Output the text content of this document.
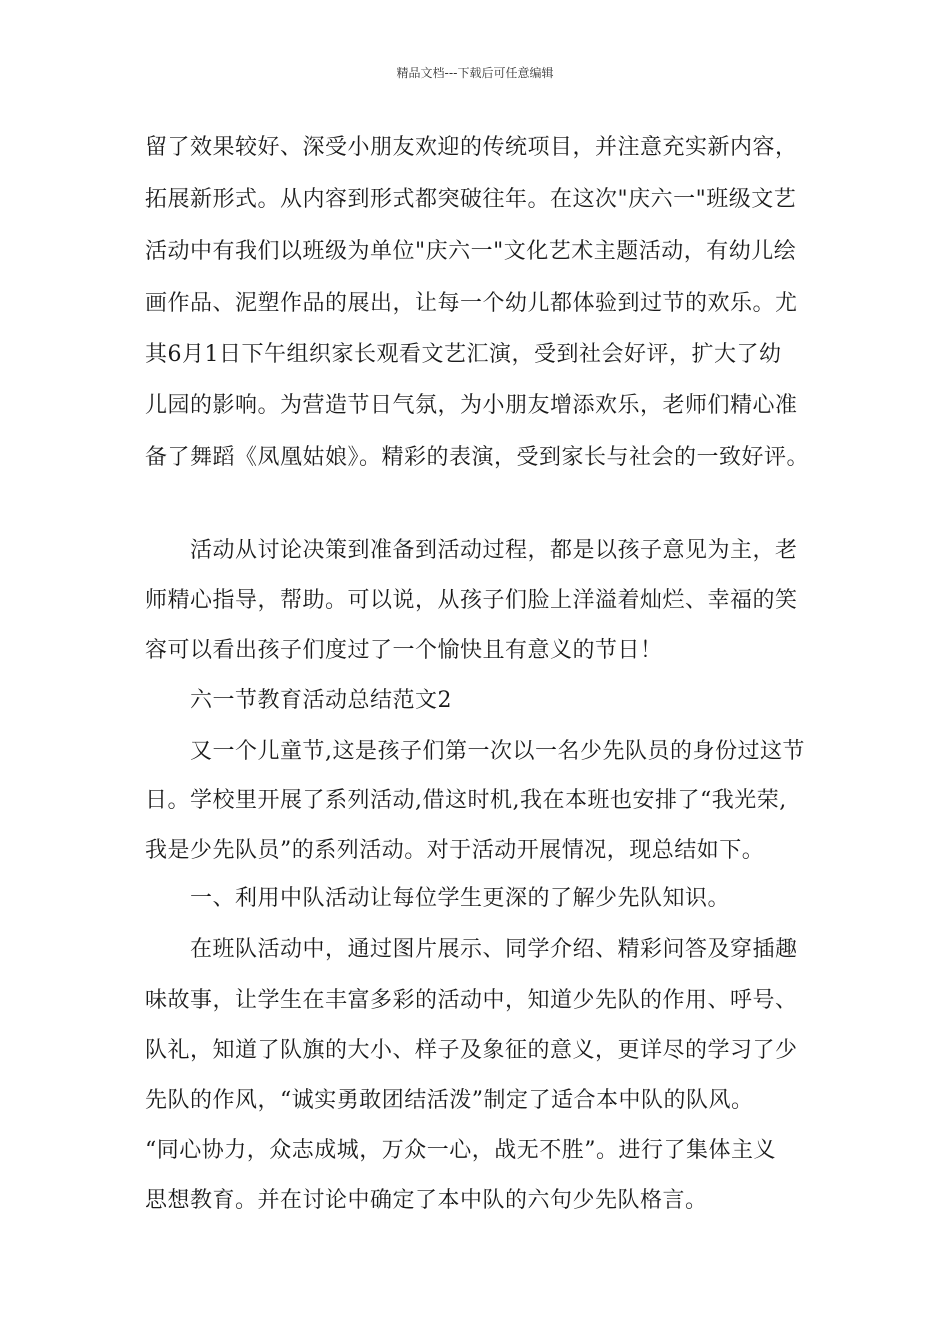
精品文档---下载后可任意编辑
留了效果较好、深受小朋友欢迎的传统项目，并注意充实新内容，
拓展新形式。从内容到形式都突破往年。在这次"庆六一"班级文艺
活动中有我们以班级为单位"庆六一"文化艺术主题活动，有幼儿绘
画作品、泥塑作品的展出，让每一个幼儿都体验到过节的欢乐。尤
其6月1日下午组织家长观看文艺汇演，受到社会好评，扩大了幼
儿园的影响。为营造节日气氛，为小朋友增添欢乐，老师们精心准
备了舞蹈《凤凰姑娘》。精彩的表演，受到家长与社会的一致好评。
活动从讨论决策到准备到活动过程，都是以孩子意见为主，老
师精心指导，帮助。可以说，从孩子们脸上洋溢着灿烂、幸福的笑
容可以看出孩子们度过了一个愉快且有意义的节日！
六一节教育活动总结范文2
又一个儿童节,这是孩子们第一次以一名少先队员的身份过这节
日。学校里开展了系列活动,借这时机,我在本班也安排了“我光荣,
我是少先队员”的系列活动。对于活动开展情况，现总结如下。
一、利用中队活动让每位学生更深的了解少先队知识。
在班队活动中，通过图片展示、同学介绍、精彩问答及穿插趣
味故事，让学生在丰富多彩的活动中，知道少先队的作用、呼号、
队礼，知道了队旗的大小、样子及象征的意义，更详尽的学习了少
先队的作风，“诚实勇敢团结活泼”制定了适合本中队的队风。
“同心协力，众志成城，万众一心，战无不胜”。进行了集体主义
思想教育。并在讨论中确定了本中队的六句少先队格言。
